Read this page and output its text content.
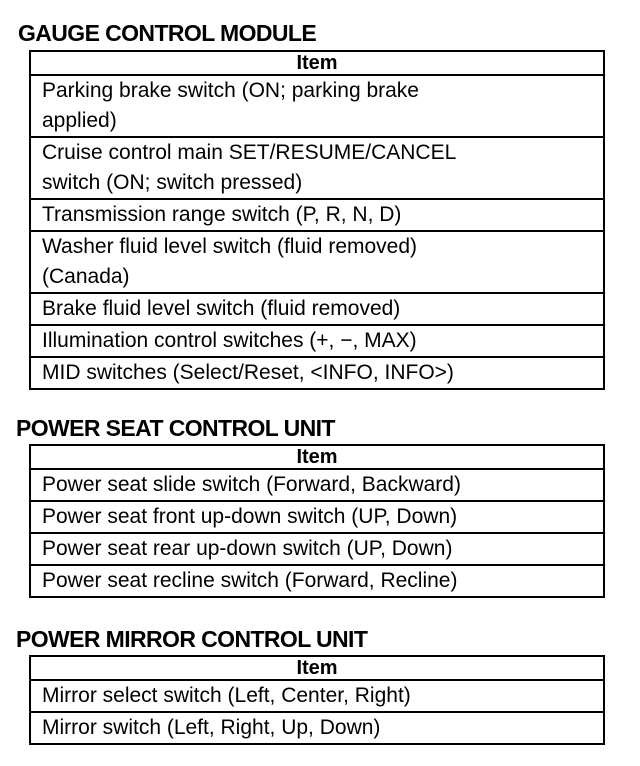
GAUGE CONTROL MODULE
Item

Parking brake switch (ON; parking brake
applied)

Cruise control main SET/RESUME/CANCEL
switch (ON; switch pressed)

Transmission range switch (P, R, N, D)

Washer fluid level switch (fluid removed)
(Canada)

Brake fluid level switch (fluid removed)

Illumination control switches (+, −, MAX)

MID switches (Select/Reset, <INFO, INFO>)
POWER SEAT CONTROL UNIT
Item

Power seat slide switch (Forward, Backward)

Power seat front up-down switch (UP, Down)

Power seat rear up-down switch (UP, Down)

Power seat recline switch (Forward, Recline)
POWER MIRROR CONTROL UNIT
Item

Mirror select switch (Left, Center, Right)

Mirror switch (Left, Right, Up, Down)
